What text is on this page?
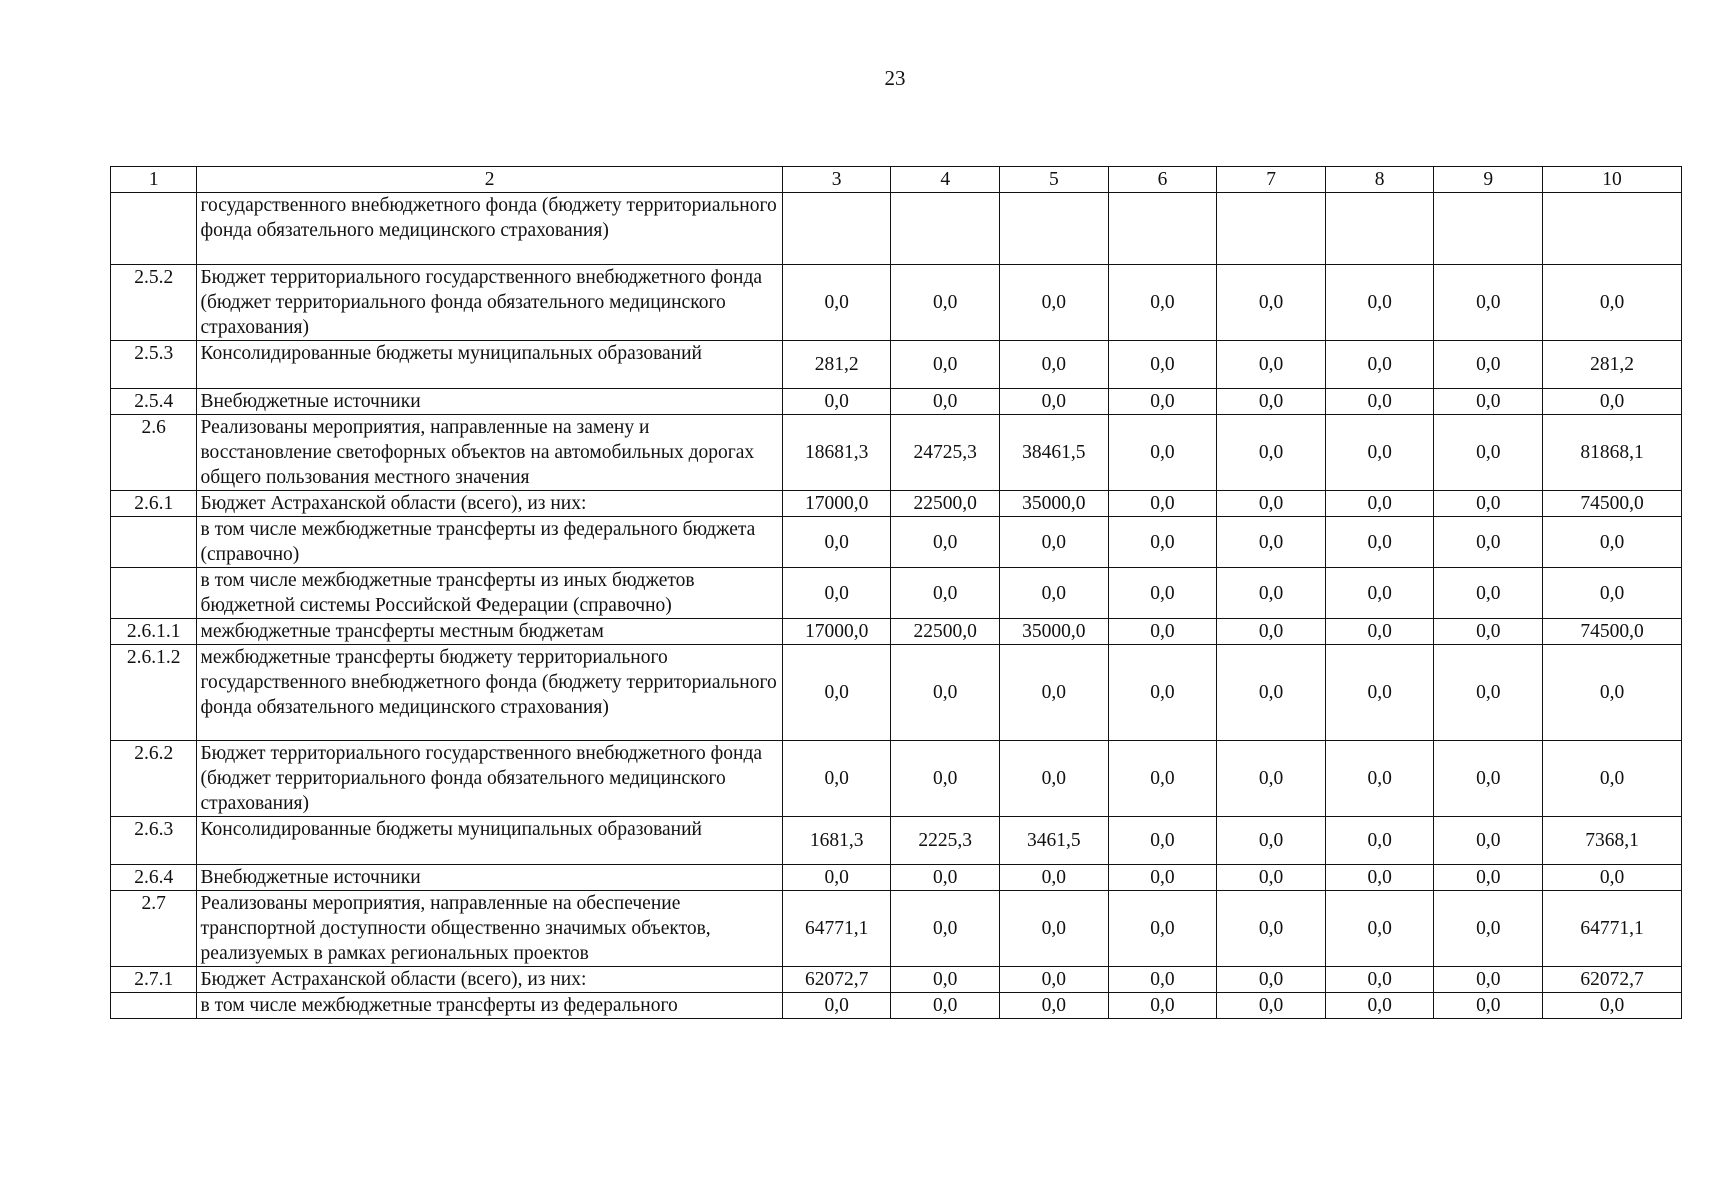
23
1	2	3	4	5	6	7	8	9	10
	государственного внебюджетного фонда (бюджету территориального фонда обязательного медицинского страхования)								
2.5.2	Бюджет территориального государственного внебюджетного фонда (бюджет территориального фонда обязательного медицинского страхования)	0,0	0,0	0,0	0,0	0,0	0,0	0,0	0,0
2.5.3	Консолидированные бюджеты муниципальных образований	281,2	0,0	0,0	0,0	0,0	0,0	0,0	281,2
2.5.4	Внебюджетные источники	0,0	0,0	0,0	0,0	0,0	0,0	0,0	0,0
2.6	Реализованы мероприятия, направленные на замену и восстановление светофорных объектов на автомобильных дорогах общего пользования местного значения	18681,3	24725,3	38461,5	0,0	0,0	0,0	0,0	81868,1
2.6.1	Бюджет Астраханской области (всего), из них:	17000,0	22500,0	35000,0	0,0	0,0	0,0	0,0	74500,0
	в том числе межбюджетные трансферты из федерального бюджета (справочно)	0,0	0,0	0,0	0,0	0,0	0,0	0,0	0,0
	в том числе межбюджетные трансферты из иных бюджетов бюджетной системы Российской Федерации (справочно)	0,0	0,0	0,0	0,0	0,0	0,0	0,0	0,0
2.6.1.1	межбюджетные трансферты местным бюджетам	17000,0	22500,0	35000,0	0,0	0,0	0,0	0,0	74500,0
2.6.1.2	межбюджетные трансферты бюджету территориального государственного внебюджетного фонда (бюджету территориального фонда обязательного медицинского страхования)	0,0	0,0	0,0	0,0	0,0	0,0	0,0	0,0
2.6.2	Бюджет территориального государственного внебюджетного фонда (бюджет территориального фонда обязательного медицинского страхования)	0,0	0,0	0,0	0,0	0,0	0,0	0,0	0,0
2.6.3	Консолидированные бюджеты муниципальных образований	1681,3	2225,3	3461,5	0,0	0,0	0,0	0,0	7368,1
2.6.4	Внебюджетные источники	0,0	0,0	0,0	0,0	0,0	0,0	0,0	0,0
2.7	Реализованы мероприятия, направленные на обеспечение транспортной доступности общественно значимых объектов, реализуемых в рамках региональных проектов	64771,1	0,0	0,0	0,0	0,0	0,0	0,0	64771,1
2.7.1	Бюджет Астраханской области (всего), из них:	62072,7	0,0	0,0	0,0	0,0	0,0	0,0	62072,7
	в том числе межбюджетные трансферты из федерального	0,0	0,0	0,0	0,0	0,0	0,0	0,0	0,0
